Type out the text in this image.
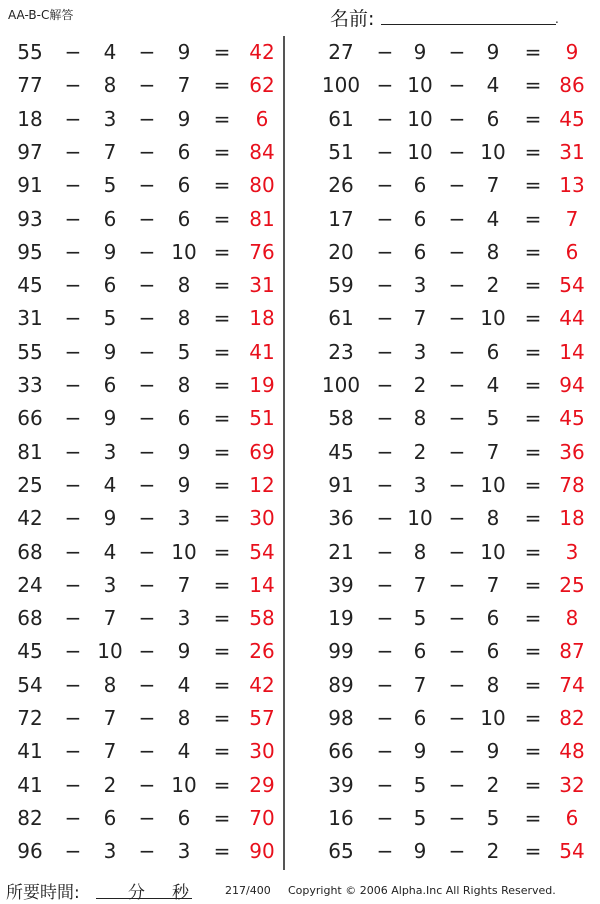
AA-B-C解答	名前:	.
55	−	4	−	9	= 42
77	−	8	−	7	= 62
18	−	3	−	9	=	6
97	−	7	−	6	= 84
91	−	5	−	6	= 80
93	−	6	−	6	= 81
95	−	9	− 10 = 76
45	−	6	−	8	= 31
31	−	5	−	8	= 18
55	−	9	−	5	= 41
33	−	6	−	8	= 19
66	−	9	−	6	= 51
81	−	3	−	9	= 69
25	−	4	−	9	= 12
42	−	9	−	3	= 30
68	−	4	− 10 = 54
24	−	3	−	7	= 14
68	−	7	−	3	= 58
45	− 10 −	9	= 26
54	−	8	−	4	= 42
72	−	7	−	8	= 57
41	−	7	−	4	= 30
41	−	2	− 10 = 29
82	−	6	−	6	= 70
96	−	3	−	3	= 90
27	−	9	−	9	=	9
100 − 10 −	4	= 86
61	− 10 −	6	= 45
51	− 10 − 10 = 31
26	−	6	−	7	= 13
17	−	6	−	4	=	7
20	−	6	−	8	=	6
59	−	3	−	2	= 54
61	−	7	− 10 = 44
23	−	3	−	6	= 14
100 −	2	−	4	= 94
58	−	8	−	5	= 45
45	−	2	−	7	= 36
91	−	3	− 10 = 78
36	− 10 −	8	= 18
21	−	8	− 10 =	3
39	−	7	−	7	= 25
19	−	5	−	6	=	8
99	−	6	−	6	= 87
89	−	7	−	8	= 74
98	−	6	− 10 = 82
66	−	9	−	9	= 48
39	−	5	−	2	= 32
16	−	5	−	5	=	6
65	−	9	−	2	= 54
所要時間:	分 秒	217/400 Copyright © 2006 Alpha.Inc All Rights Reserved.
